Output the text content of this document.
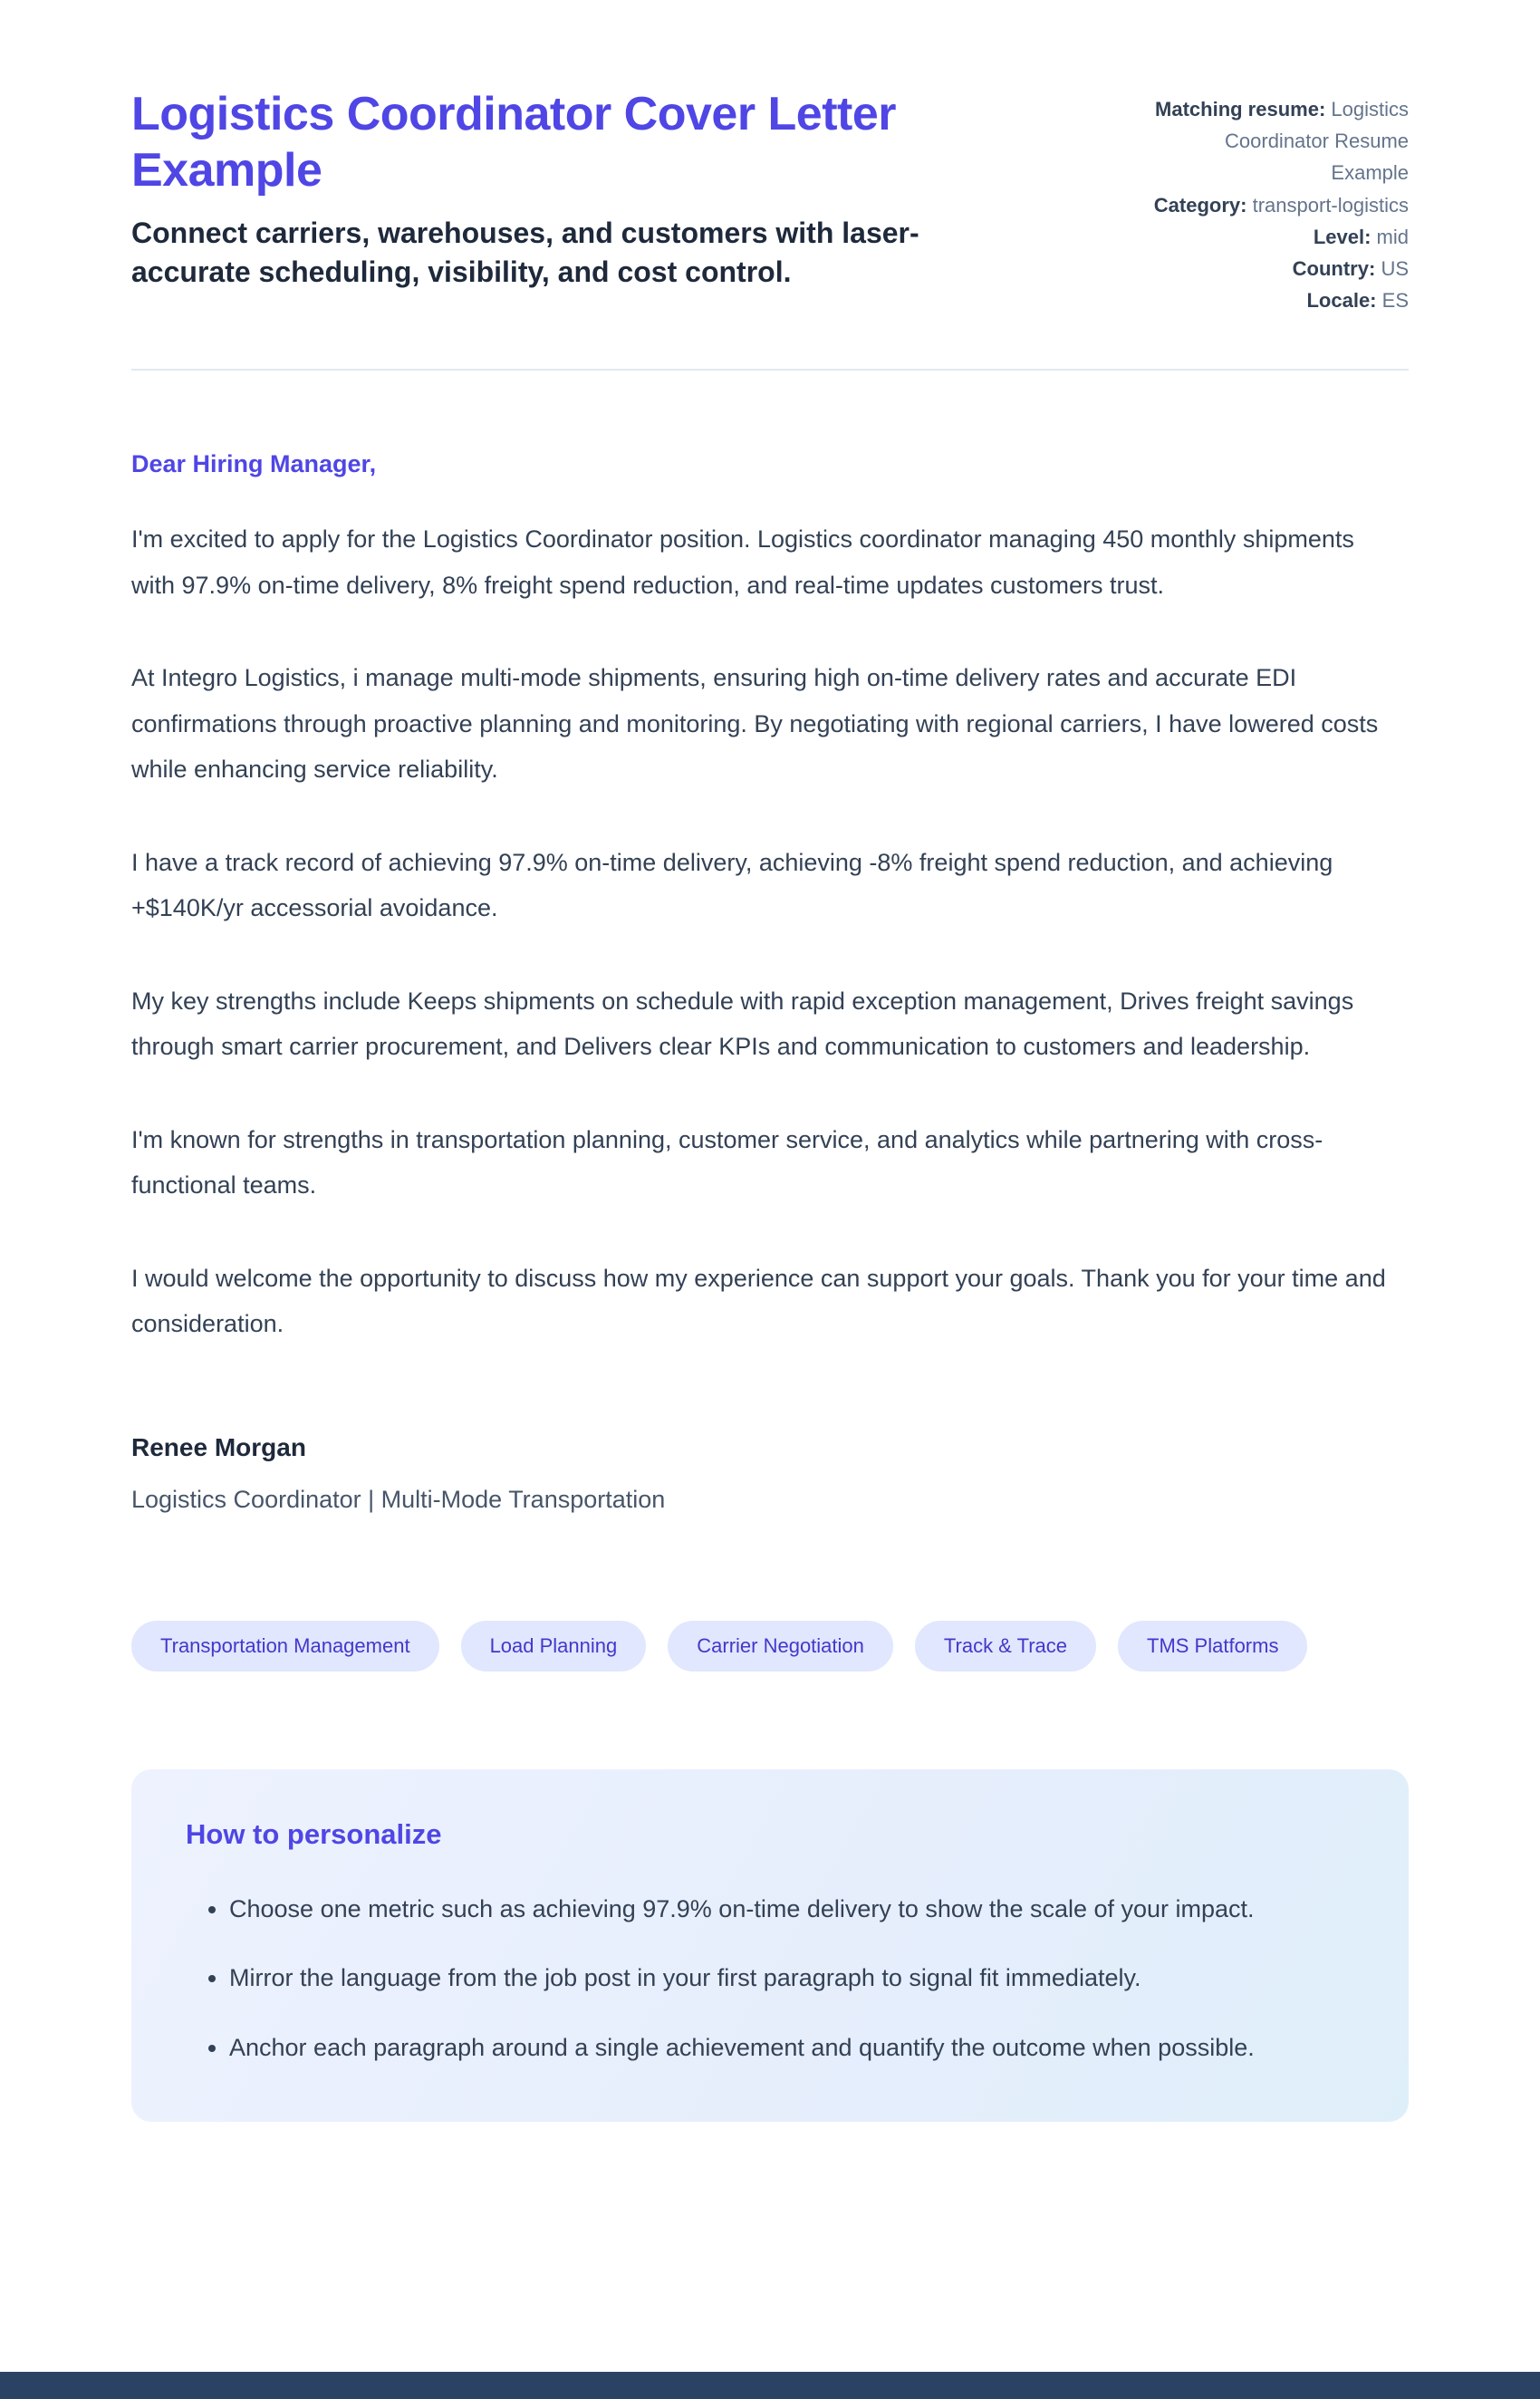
Logistics Coordinator Cover Letter Example

Connect carriers, warehouses, and customers with laser-accurate scheduling, visibility, and cost control.

Matching resume: Logistics Coordinator Resume Example
Category: transport-logistics
Level: mid
Country: US
Locale: ES

Dear Hiring Manager,

I'm excited to apply for the Logistics Coordinator position. Logistics coordinator managing 450 monthly shipments with 97.9% on-time delivery, 8% freight spend reduction, and real-time updates customers trust.

At Integro Logistics, i manage multi-mode shipments, ensuring high on-time delivery rates and accurate EDI confirmations through proactive planning and monitoring. By negotiating with regional carriers, I have lowered costs while enhancing service reliability.

I have a track record of achieving 97.9% on-time delivery, achieving -8% freight spend reduction, and achieving +$140K/yr accessorial avoidance.

My key strengths include Keeps shipments on schedule with rapid exception management, Drives freight savings through smart carrier procurement, and Delivers clear KPIs and communication to customers and leadership.

I'm known for strengths in transportation planning, customer service, and analytics while partnering with cross-functional teams.

I would welcome the opportunity to discuss how my experience can support your goals. Thank you for your time and consideration.

Renee Morgan

Logistics Coordinator | Multi-Mode Transportation

Transportation Management	Load Planning	Carrier Negotiation	Track & Trace	TMS Platforms
How to personalize
• Choose one metric such as achieving 97.9% on-time delivery to show the scale of your impact.
• Mirror the language from the job post in your first paragraph to signal fit immediately.
• Anchor each paragraph around a single achievement and quantify the outcome when possible.
